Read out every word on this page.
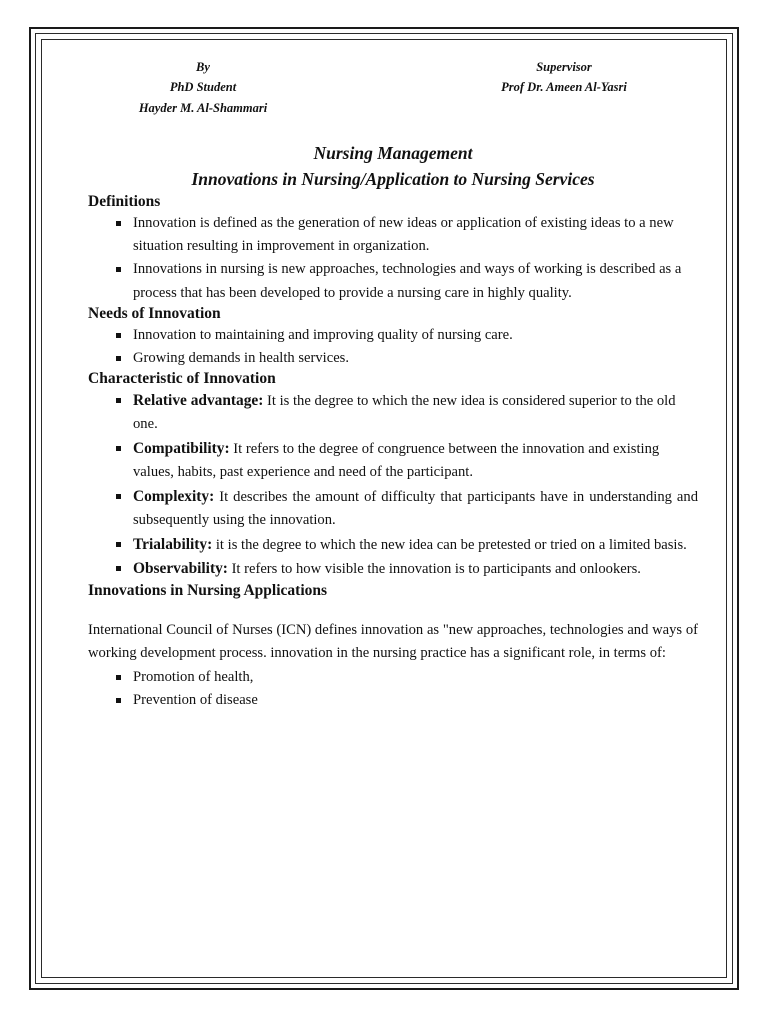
By
PhD Student
Hayder M. Al-Shammari
Supervisor
Prof Dr. Ameen Al-Yasri
Nursing Management
Innovations in Nursing/Application to Nursing Services
Definitions
Innovation is defined as the generation of new ideas or application of existing ideas to a new situation resulting in improvement in organization.
Innovations in nursing is new approaches, technologies and ways of working is described as a process that has been developed to provide a nursing care in highly quality.
Needs of Innovation
Innovation to maintaining and improving quality of nursing care.
Growing demands in health services.
Characteristic of Innovation
Relative advantage: It is the degree to which the new idea is considered superior to the old one.
Compatibility: It refers to the degree of congruence between the innovation and existing values, habits, past experience and need of the participant.
Complexity: It describes the amount of difficulty that participants have in understanding and subsequently using the innovation.
Trialability: it is the degree to which the new idea can be pretested or tried on a limited basis.
Observability: It refers to how visible the innovation is to participants and onlookers.
Innovations in Nursing Applications

International Council of Nurses (ICN) defines innovation as "new approaches, technologies and ways of working development process. innovation in the nursing practice has a significant role, in terms of:

Promotion of health,
Prevention of disease
